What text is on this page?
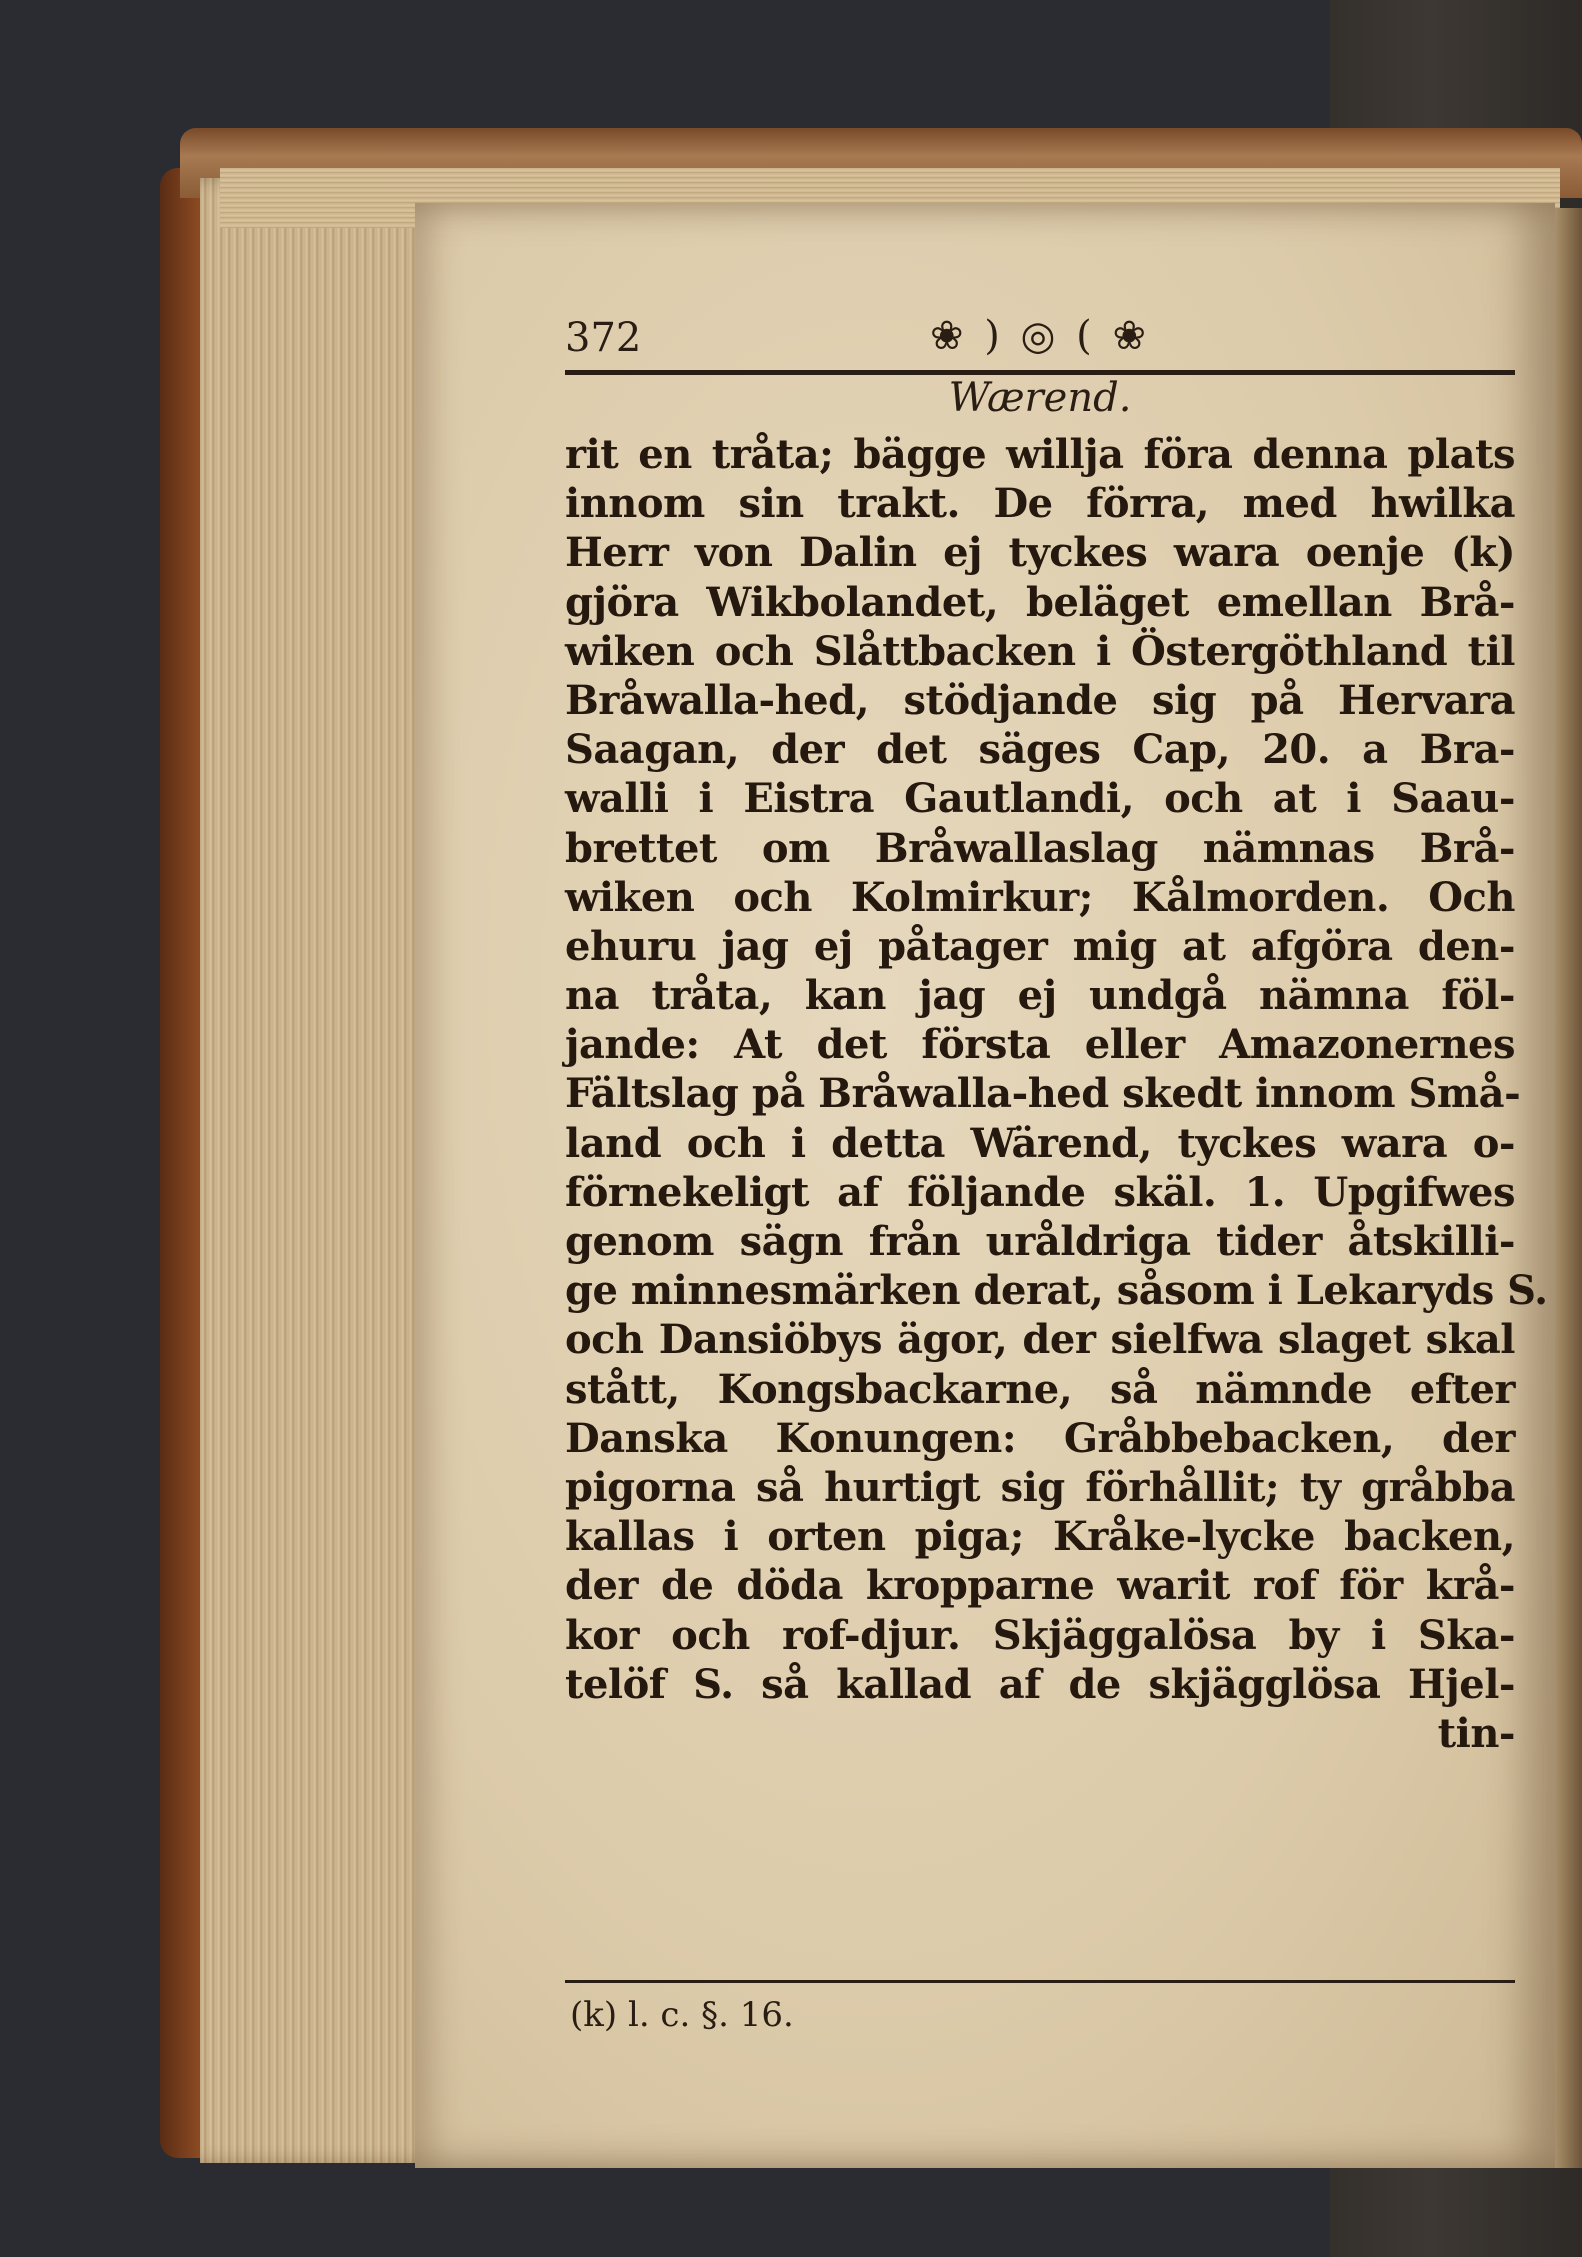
372	❀ ) ◎ ( ❀
Wærend.
rit en tråta; bägge willja föra denna plats
innom sin trakt. De förra, med hwilka
Herr von Dalin ej tyckes wara oenje (k)
gjöra Wikbolandet, beläget emellan Brå-
wiken och Slåttbacken i Östergöthland til
Bråwalla-hed, stödjande sig på Hervara
Saagan, der det säges Cap, 20. a Bra-
walli i Eistra Gautlandi, och at i Saau-
brettet om Bråwallaslag nämnas Brå-
wiken och Kolmirkur; Kålmorden. Och
ehuru jag ej påtager mig at afgöra den-
na tråta, kan jag ej undgå nämna föl-
jande: At det första eller Amazonernes
Fältslag på Bråwalla-hed skedt innom Små-
land och i detta Wärend, tyckes wara o-
förnekeligt af följande skäl. 1. Upgifwes
genom sägn från uråldriga tider åtskilli-
ge minnesmärken derat, såsom i Lekaryds S.
och Dansiöbys ägor, der sielfwa slaget skal
stått, Kongsbackarne, så nämnde efter
Danska Konungen: Gråbbebacken, der
pigorna så hurtigt sig förhållit; ty gråbba
kallas i orten piga; Kråke-lycke backen,
der de döda kropparne warit rof för krå-
kor och rof-djur. Skjäggalösa by i Ska-
telöf S. så kallad af de skjägglösa Hjel-
tin-
(k) l. c. §. 16.
